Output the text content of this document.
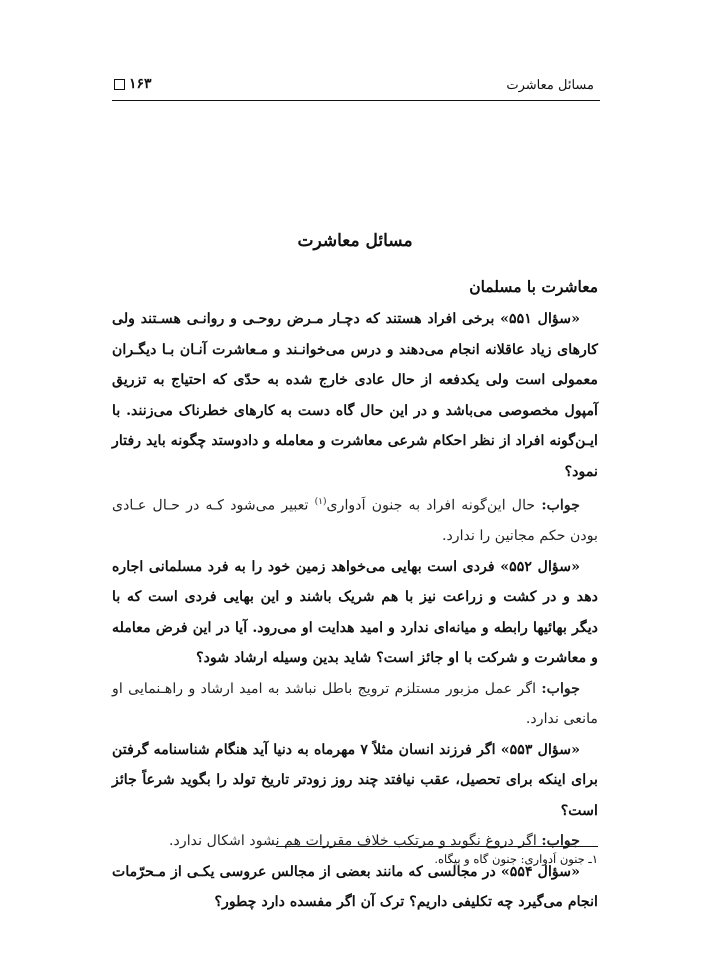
مسائل معاشرت
۱۶۳
مسائل معاشرت
معاشرت با مسلمان

«سؤال ۵۵۱» برخی افراد هستند که دچـار مـرض روحـی و روانـی هسـتند ولی کارهای زیاد عاقلانه انجام می‌دهند و درس می‌خوانـند و مـعاشرت آنـان بـا دیگـران معمولی است ولی یکدفعه از حال عادی خارج شده به حدّی که احتیاج به تزریق آمپول مخصوصی می‌باشد و در این حال گاه دست به کارهای خطرناک می‌زنند. با ایـن‌گونه افراد از نظر احکام شرعی معاشرت و معامله و دادوستد چگونه باید رفتار نمود؟

جواب: حال این‌گونه افراد به جنون اَدواری$^{(۱)}$ تعبیر می‌شود کـه در حـال عـادی بودن حکم مجانین را ندارد.

«سؤال ۵۵۲» فردی است بهایی می‌خواهد زمین خود را به فرد مسلمانی اجاره دهد و در کشت و زراعت نیز با هم شریک باشند و این بهایی فردی است که با دیگر بهائیها رابطه و میانه‌ای ندارد و امید هدایت او می‌رود. آیا در این فرض معامله و معاشرت و شرکت با او جائز است؟ شاید بدین وسیله ارشاد شود؟

جواب: اگر عمل مزبور مستلزم ترویج باطل نباشد به امید ارشاد و راهـنمایی او مانعی ندارد.

«سؤال ۵۵۳» اگر فرزند انسان مثلاً ۷ مهرماه به دنیا آید هنگام شناسنامه گرفتن برای اینکه برای تحصیل، عقب نیافتد چند روز زودتر تاریخ تولد را بگوید شرعاً جائز است؟

جواب: اگر دروغ نگوید و مرتکب خلاف مقررات هم نشود اشکال ندارد.

«سؤال ۵۵۴» در مجالسی که مانند بعضی از مجالس عروسی یکـی از مـحرّمات انجام می‌گیرد چه تکلیفی داریم؟ ترک آن اگر مفسده دارد چطور؟

۱ـ جنون اَدواری: جنون گاه و بیگاه.
